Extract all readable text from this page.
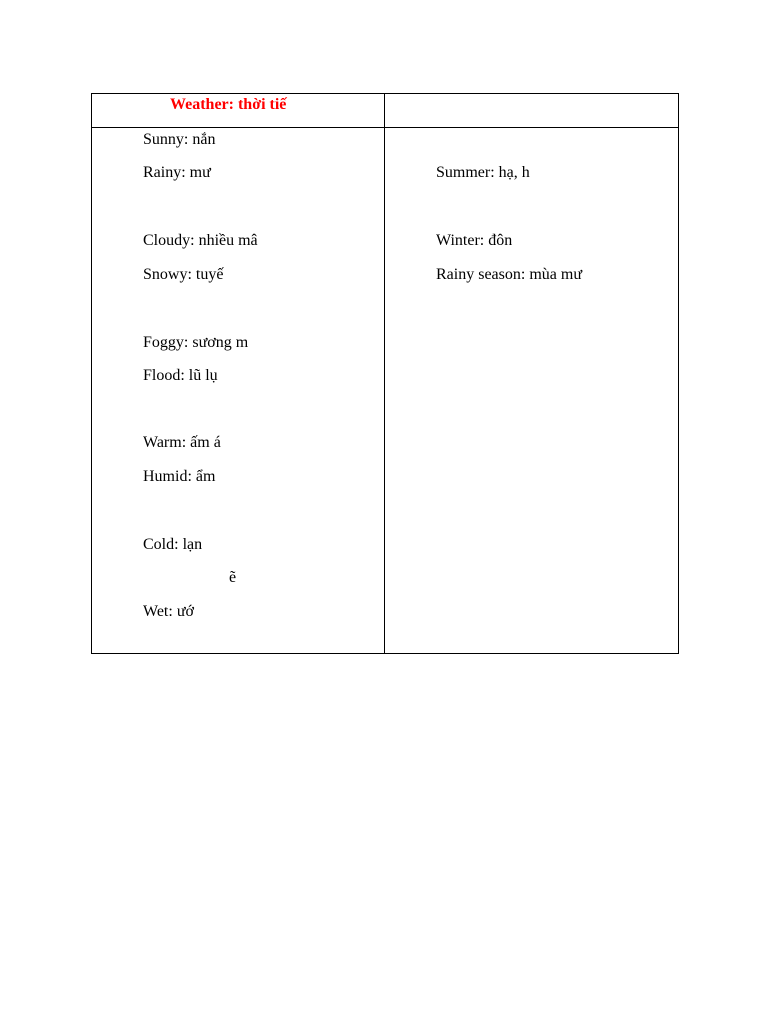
Weather: thời tiế
Sunny: nắn
Rainy: mư
Cloudy: nhiều mâ
Snowy: tuyế
Foggy: sương m
Flood: lũ lụ
Warm: ấm á
Humid: ẩm
Cold: lạn
ẽ
Wet: ướ
Summer: hạ, h
Winter: đôn
Rainy season: mùa mư
